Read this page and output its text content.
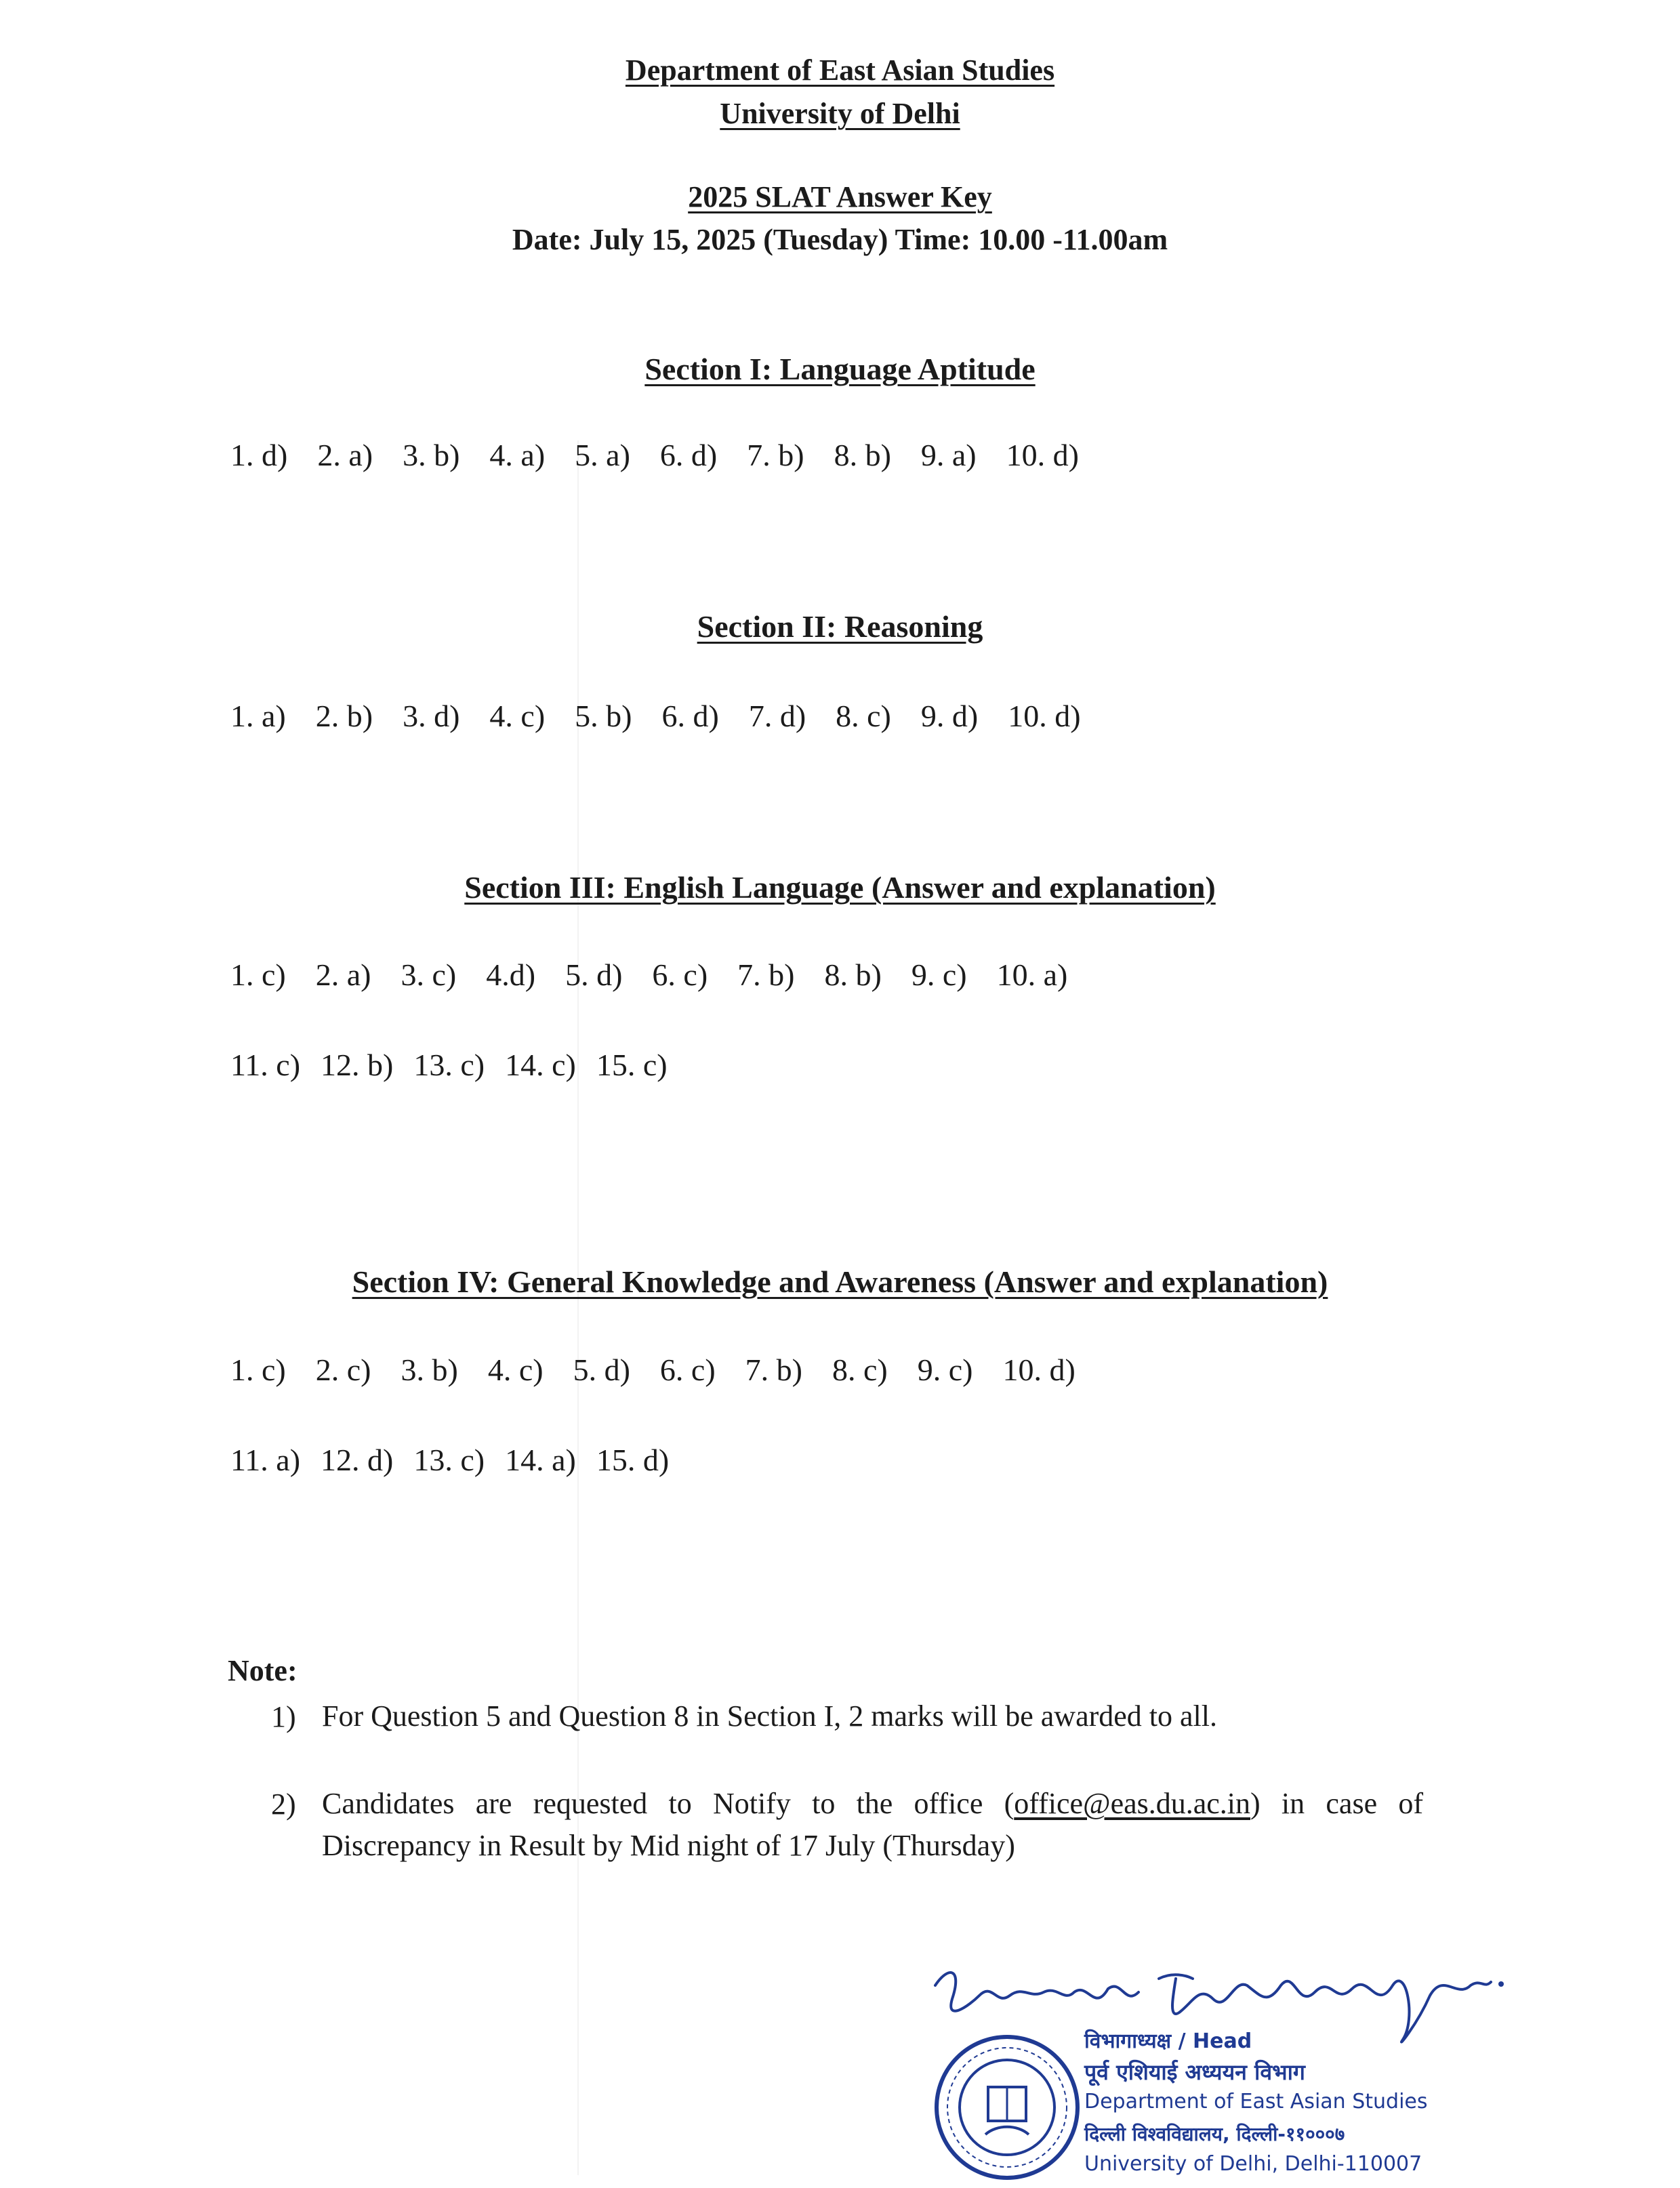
Department of East Asian Studies
University of Delhi
2025 SLAT Answer Key
Date: July 15, 2025 (Tuesday) Time: 10.00 -11.00am
Section I: Language Aptitude
1. d) 2. a) 3. b) 4. a) 5. a) 6. d) 7. b) 8. b) 9. a) 10. d)
Section II: Reasoning
1. a) 2. b) 3. d) 4. c) 5. b) 6. d) 7. d) 8. c) 9. d) 10. d)
Section III: English Language (Answer and explanation)
1. c) 2. a) 3. c) 4.d) 5. d) 6. c) 7. b) 8. b) 9. c) 10. a)
11. c) 12. b) 13. c) 14. c) 15. c)
Section IV: General Knowledge and Awareness (Answer and explanation)
1. c) 2. c) 3. b) 4. c) 5. d) 6. c) 7. b) 8. c) 9. c) 10. d)
11. a) 12. d) 13. c) 14. a) 15. d)
Note:
1) For Question 5 and Question 8 in Section I, 2 marks will be awarded to all.
2) Candidates are requested to Notify to the office (office@eas.du.ac.in) in case of Discrepancy in Result by Mid night of 17 July (Thursday)
विभागाध्यक्ष / Head
पूर्व एशियाई अध्ययन विभाग
Department of East Asian Studies
दिल्ली विश्वविद्यालय, दिल्ली-११०००७
University of Delhi, Delhi-110007
